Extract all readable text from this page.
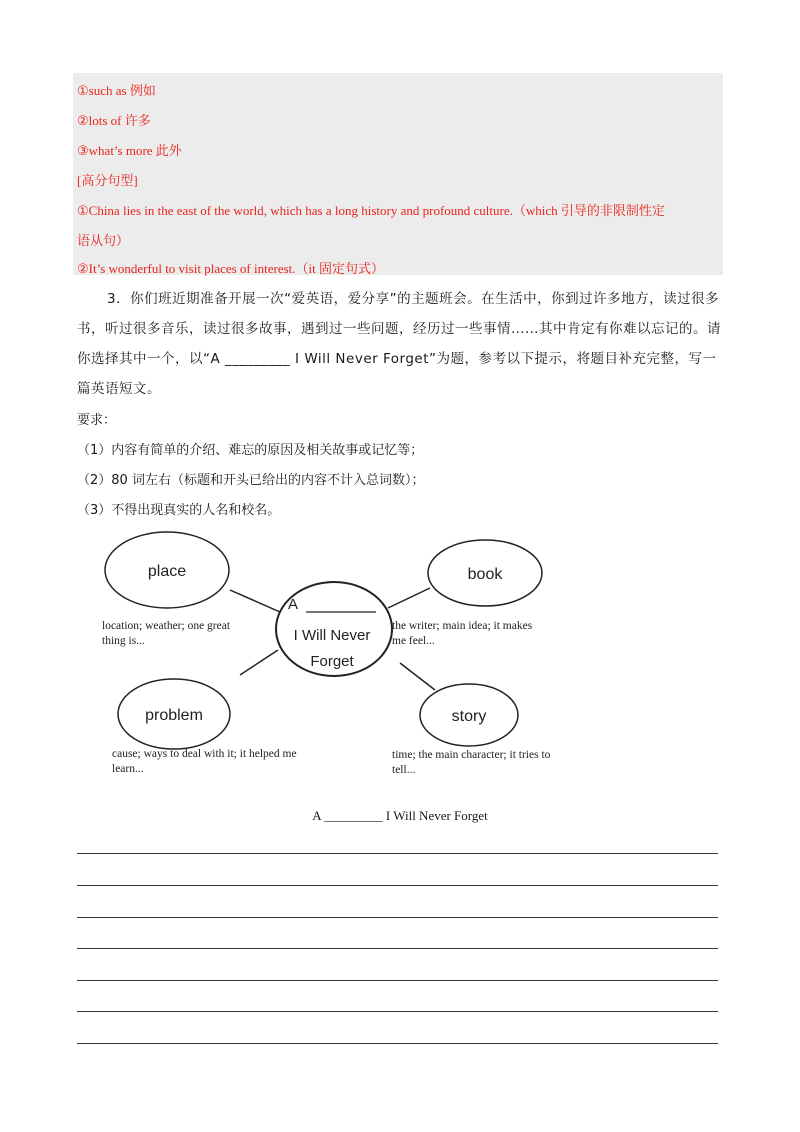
①such as 例如
②lots of 许多
③what’s more 此外
[高分句型]
①China lies in the east of the world, which has a long history and profound culture.（which 引导的非限制性定
语从句）
②It’s wonderful to visit places of interest.（it 固定句式）
3．你们班近期准备开展一次“爱英语，爱分享”的主题班会。在生活中，你到过许多地方，读过很多书，听过很多音乐，读过很多故事，遇到过一些问题，经历过一些事情……其中肯定有你难以忘记的。请你选择其中一个，以“A _________ I Will Never Forget”为题，参考以下提示，将题目补充完整，写一篇英语短文。
要求：
（1）内容有简单的介绍、难忘的原因及相关故事或记忆等；
（2）80 词左右（标题和开头已给出的内容不计入总词数）；
（3）不得出现真实的人名和校名。
place	book
problem	story
A
I Will Never
Forget
location; weather; one great
thing is...
the writer; main idea; it makes
me feel...
cause; ways to deal with it; it helped me
learn...
time; the main character; it tries to
tell...
A _________ I Will Never Forget
